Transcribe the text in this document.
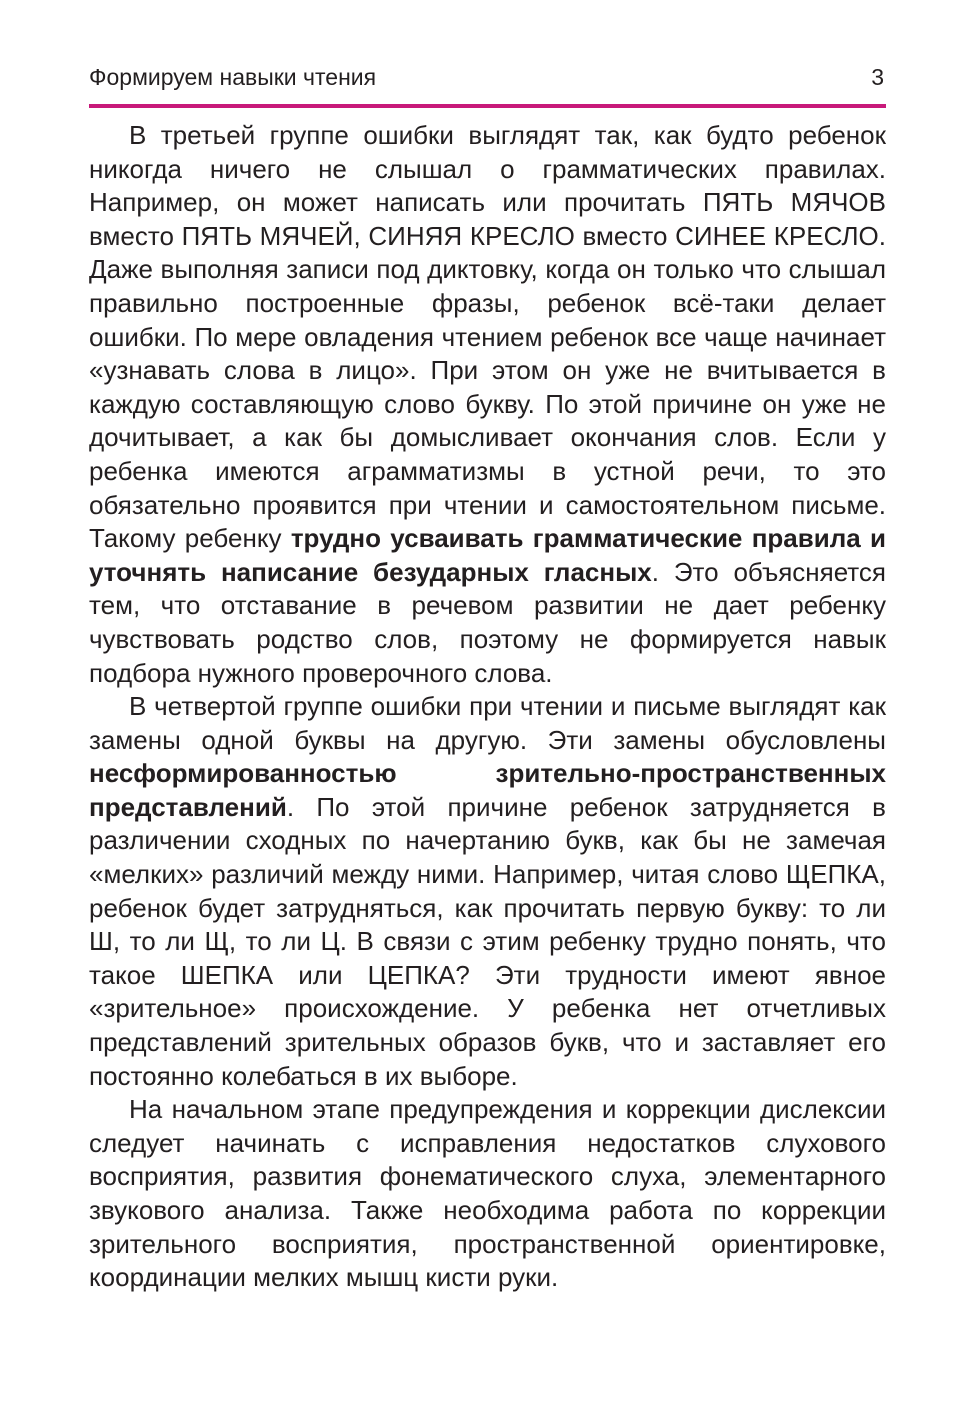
Формируем навыки чтения	3

В третьей группе ошибки выглядят так, как будто ребенок никогда ничего не слышал о грамматических правилах. Например, он может написать или прочитать ПЯТЬ МЯЧОВ вместо ПЯТЬ МЯЧЕЙ, СИНЯЯ КРЕСЛО вместо СИНЕЕ КРЕСЛО. Даже выполняя записи под диктовку, когда он только что слышал правильно построенные фразы, ребенок всё-таки делает ошибки. По мере овладения чтением ребенок все чаще начинает «узнавать слова в лицо». При этом он уже не вчитывается в каждую составляющую слово букву. По этой причине он уже не дочитывает, а как бы домысливает окончания слов. Если у ребенка имеются аграмматизмы в устной речи, то это обязательно проявится при чтении и самостоятельном письме. Такому ребенку трудно усваивать грамматические правила и уточнять написание безударных гласных. Это объясняется тем, что отставание в речевом развитии не дает ребенку чувствовать родство слов, поэтому не формируется навык подбора нужного проверочного слова.

В четвертой группе ошибки при чтении и письме выглядят как замены одной буквы на другую. Эти замены обусловлены несформированностью зрительно-пространственных представлений. По этой причине ребенок затрудняется в различении сходных по начертанию букв, как бы не замечая «мелких» различий между ними. Например, читая слово ЩЕПКА, ребенок будет затрудняться, как прочитать первую букву: то ли Ш, то ли Щ, то ли Ц. В связи с этим ребенку трудно понять, что такое ШЕПКА или ЦЕПКА? Эти трудности имеют явное «зрительное» происхождение. У ребенка нет отчетливых представлений зрительных образов букв, что и заставляет его постоянно колебаться в их выборе.

На начальном этапе предупреждения и коррекции дислексии следует начинать с исправления недостатков слухового восприятия, развития фонематического слуха, элементарного звукового анализа. Также необходима работа по коррекции зрительного восприятия, пространственной ориентировке, координации мелких мышц кисти руки.
